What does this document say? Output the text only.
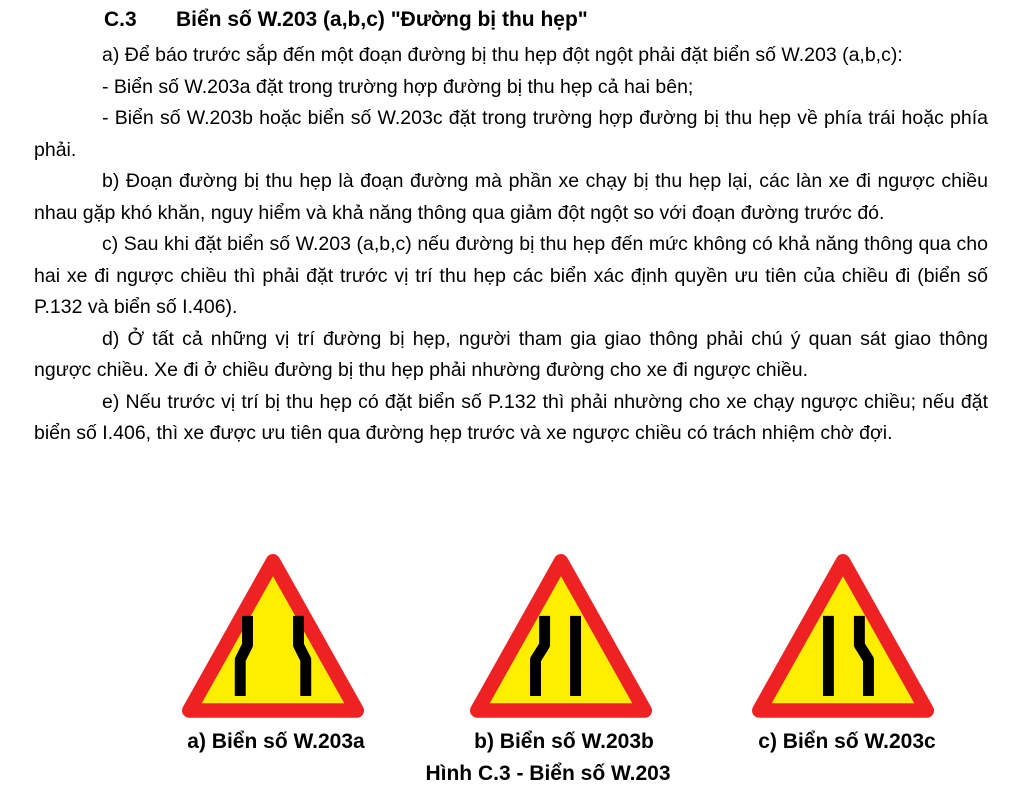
C.3 Biển số W.203 (a,b,c) "Đường bị thu hẹp"

a) Để báo trước sắp đến một đoạn đường bị thu hẹp đột ngột phải đặt biển số W.203 (a,b,c):

- Biển số W.203a đặt trong trường hợp đường bị thu hẹp cả hai bên;

- Biển số W.203b hoặc biển số W.203c đặt trong trường hợp đường bị thu hẹp về phía trái hoặc phía phải.

b) Đoạn đường bị thu hẹp là đoạn đường mà phần xe chạy bị thu hẹp lại, các làn xe đi ngược chiều nhau gặp khó khăn, nguy hiểm và khả năng thông qua giảm đột ngột so với đoạn đường trước đó.

c) Sau khi đặt biển số W.203 (a,b,c) nếu đường bị thu hẹp đến mức không có khả năng thông qua cho hai xe đi ngược chiều thì phải đặt trước vị trí thu hẹp các biển xác định quyền ưu tiên của chiều đi (biển số P.132 và biển số I.406).

d) Ở tất cả những vị trí đường bị hẹp, người tham gia giao thông phải chú ý quan sát giao thông ngược chiều. Xe đi ở chiều đường bị thu hẹp phải nhường đường cho xe đi ngược chiều.

e) Nếu trước vị trí bị thu hẹp có đặt biển số P.132 thì phải nhường cho xe chạy ngược chiều; nếu đặt biển số I.406, thì xe được ưu tiên qua đường hẹp trước và xe ngược chiều có trách nhiệm chờ đợi.

a) Biển số W.203a	b) Biển số W.203b	c) Biển số W.203c
Hình C.3 - Biển số W.203
